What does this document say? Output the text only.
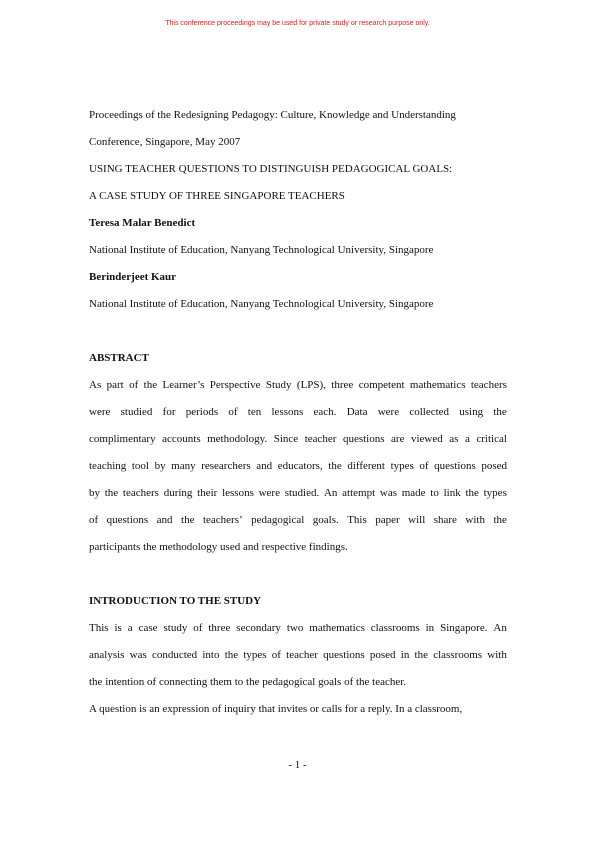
This conference proceedings may be used for private study or research purpose only.
Proceedings of the Redesigning Pedagogy: Culture, Knowledge and Understanding
Conference, Singapore, May 2007
USING TEACHER QUESTIONS TO DISTINGUISH PEDAGOGICAL GOALS:
A CASE STUDY OF THREE SINGAPORE TEACHERS
Teresa Malar Benedict
National Institute of Education, Nanyang Technological University, Singapore
Berinderjeet Kaur
National Institute of Education, Nanyang Technological University, Singapore
ABSTRACT
As part of the Learner’s Perspective Study (LPS), three competent mathematics teachers
were studied for periods of ten lessons each. Data were collected using the
complimentary accounts methodology. Since teacher questions are viewed as a critical
teaching tool by many researchers and educators, the different types of questions posed
by the teachers during their lessons were studied. An attempt was made to link the types
of questions and the teachers’ pedagogical goals. This paper will share with the
participants the methodology used and respective findings.
INTRODUCTION TO THE STUDY
This is a case study of three secondary two mathematics classrooms in Singapore. An
analysis was conducted into the types of teacher questions posed in the classrooms with
the intention of connecting them to the pedagogical goals of the teacher.
A question is an expression of inquiry that invites or calls for a reply. In a classroom,
- 1 -
